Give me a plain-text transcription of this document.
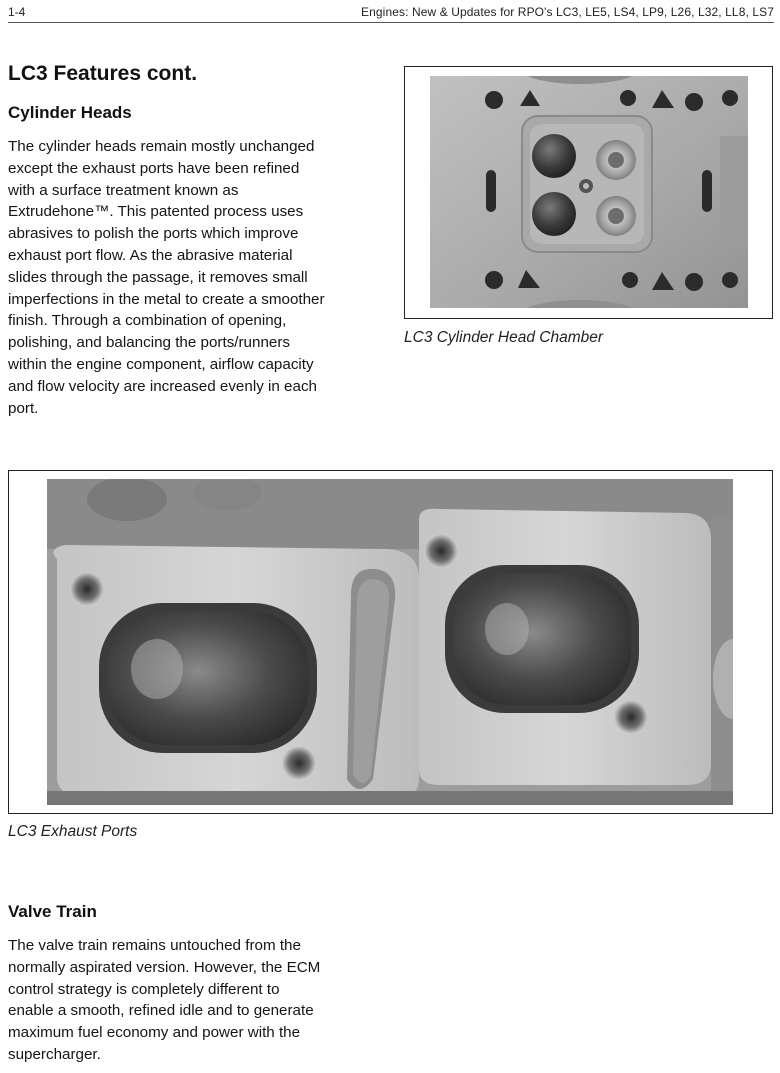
1-4	Engines: New & Updates for RPO's LC3, LE5, LS4, LP9, L26, L32, LL8, LS7
LC3 Features cont.
Cylinder Heads
The cylinder heads remain mostly unchanged
except the exhaust ports have been refined
with a surface treatment known as
Extrudehone™. This patented process uses
abrasives to polish the ports which improve
exhaust port flow. As the abrasive material
slides through the passage, it removes small
imperfections in the metal to create a smoother
finish. Through a combination of opening,
polishing, and balancing the ports/runners
within the engine component, airflow capacity
and flow velocity are increased evenly in each
port.

LC3 Cylinder Head Chamber

LC3 Exhaust Ports

Valve Train
The valve train remains untouched from the
normally aspirated version. However, the ECM
control strategy is completely different to
enable a smooth, refined idle and to generate
maximum fuel economy and power with the
supercharger.
